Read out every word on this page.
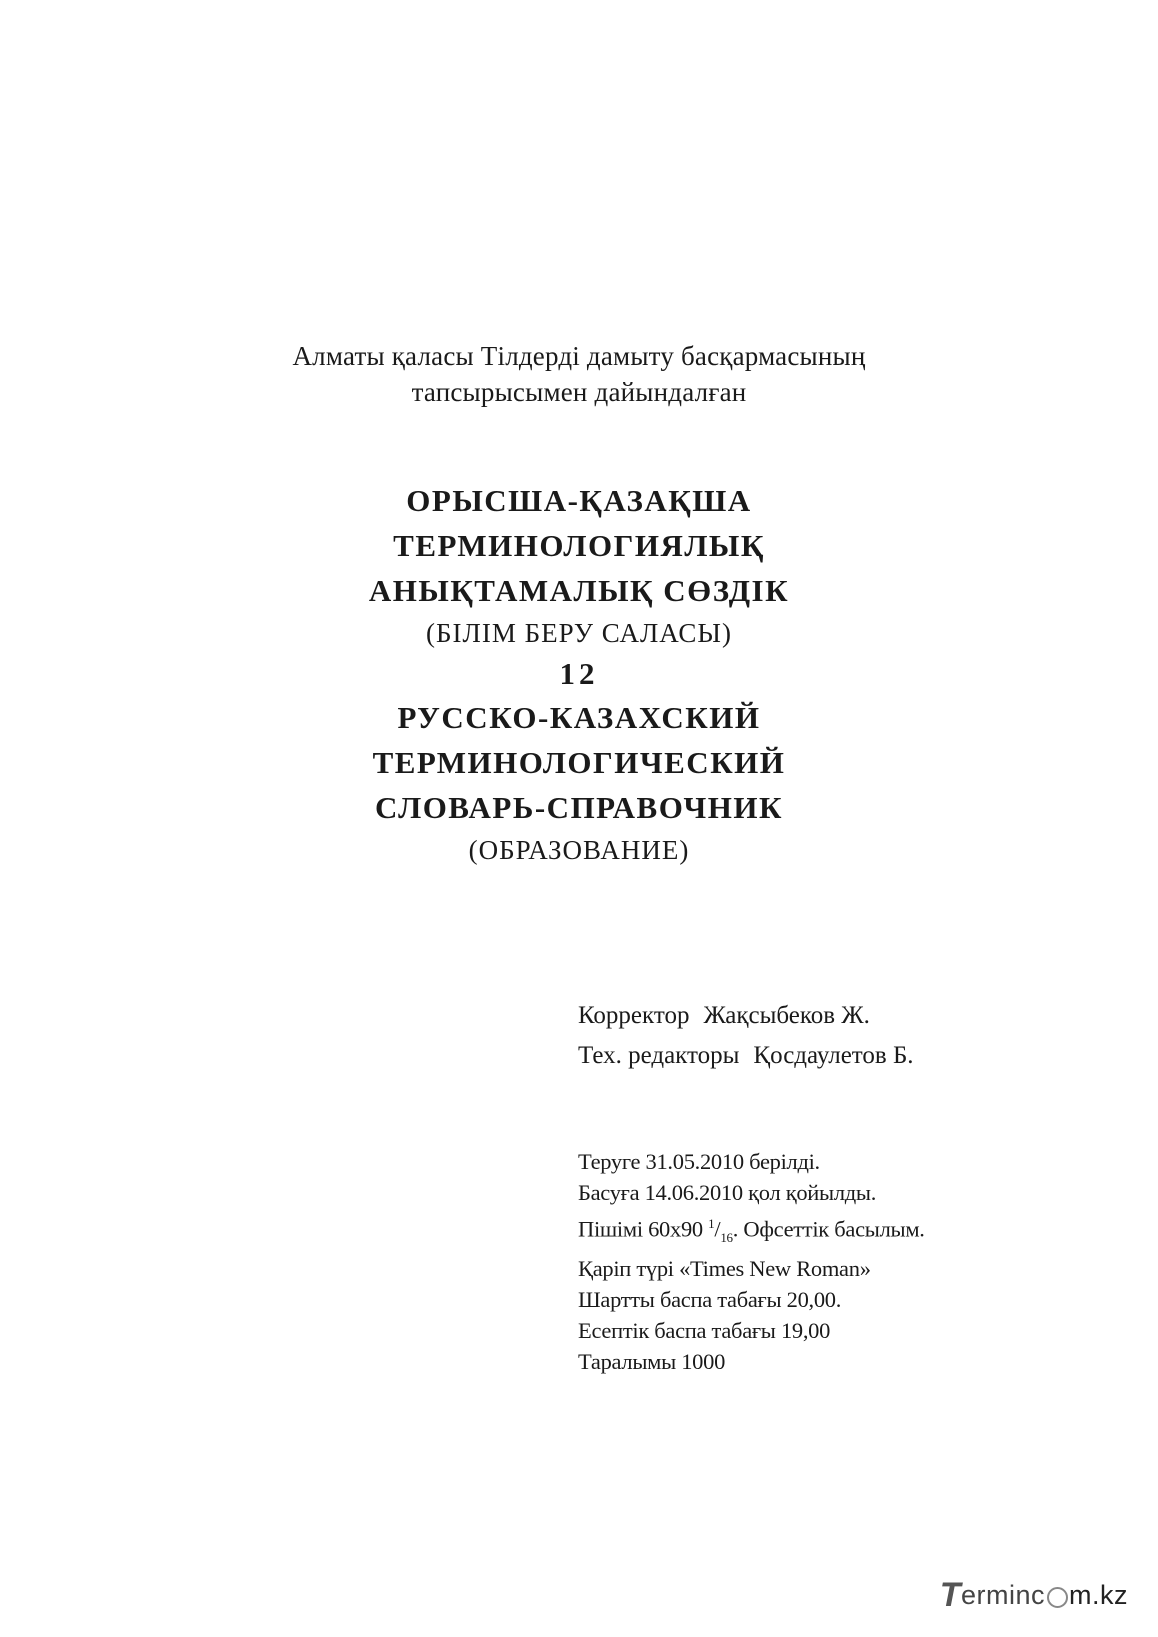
Алматы қаласы Тілдерді дамыту басқармасының
тапсырысымен дайындалған
ОРЫСША-ҚАЗАҚША
ТЕРМИНОЛОГИЯЛЫҚ
АНЫҚТАМАЛЫҚ СӨЗДІК
(БІЛІМ БЕРУ САЛАСЫ)
12
РУССКО-КАЗАХСКИЙ
ТЕРМИНОЛОГИЧЕСКИЙ
СЛОВАРЬ-СПРАВОЧНИК
(ОБРАЗОВАНИЕ)
Корректор Жақсыбеков Ж.
Тех. редакторы Қосдаулетов Б.
Теруге 31.05.2010 берілді.
Басуға 14.06.2010 қол қойылды.
Пішімі 60х90 $^1/_{16}$. Офсеттік басылым.
Қаріп түрі «Times New Roman»
Шартты баспа табағы 20,00.
Есептік баспа табағы 19,00
Таралымы 1000
T erminc m.kz
